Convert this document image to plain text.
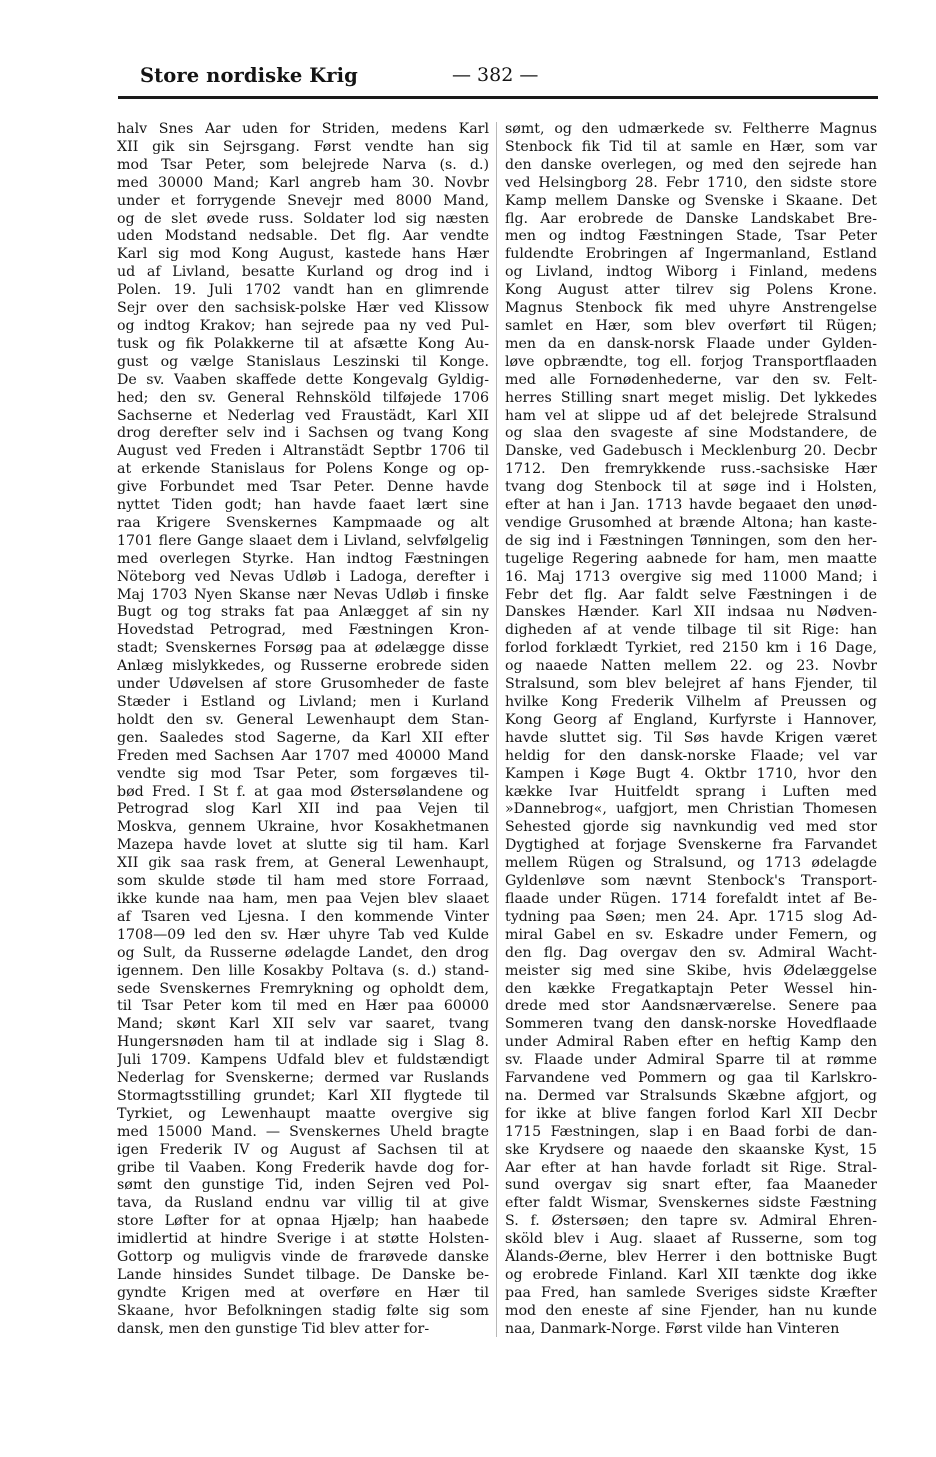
Store nordiske Krig	— 382 —
halv Snes Aar uden for Striden, medens Karl
XII gik sin Sejrsgang. Først vendte han sig
mod Tsar Peter, som belejrede Narva (s. d.)
med 30000 Mand; Karl angreb ham 30. Novbr
under et forrygende Snevejr med 8000 Mand,
og de slet øvede russ. Soldater lod sig næsten
uden Modstand nedsable. Det flg. Aar vendte
Karl sig mod Kong August, kastede hans Hær
ud af Livland, besatte Kurland og drog ind i
Polen. 19. Juli 1702 vandt han en glimrende
Sejr over den sachsisk-polske Hær ved Klissow
og indtog Krakov; han sejrede paa ny ved Pul-
tusk og fik Polakkerne til at afsætte Kong Au-
gust og vælge Stanislaus Leszinski til Konge.
De sv. Vaaben skaffede dette Kongevalg Gyldig-
hed; den sv. General Rehnsköld tilføjede 1706
Sachserne et Nederlag ved Fraustädt, Karl XII
drog derefter selv ind i Sachsen og tvang Kong
August ved Freden i Altranstädt Septbr 1706 til
at erkende Stanislaus for Polens Konge og op-
give Forbundet med Tsar Peter. Denne havde
nyttet Tiden godt; han havde faaet lært sine
raa Krigere Svenskernes Kampmaade og alt
1701 flere Gange slaaet dem i Livland, selvfølgelig
med overlegen Styrke. Han indtog Fæstningen
Nöteborg ved Nevas Udløb i Ladoga, derefter i
Maj 1703 Nyen Skanse nær Nevas Udløb i finske
Bugt og tog straks fat paa Anlægget af sin ny
Hovedstad Petrograd, med Fæstningen Kron-
stadt; Svenskernes Forsøg paa at ødelægge disse
Anlæg mislykkedes, og Russerne erobrede siden
under Udøvelsen af store Grusomheder de faste
Stæder i Estland og Livland; men i Kurland
holdt den sv. General Lewenhaupt dem Stan-
gen. Saaledes stod Sagerne, da Karl XII efter
Freden med Sachsen Aar 1707 med 40000 Mand
vendte sig mod Tsar Peter, som forgæves til-
bød Fred. I St f. at gaa mod Østersølandene og
Petrograd slog Karl XII ind paa Vejen til
Moskva, gennem Ukraine, hvor Kosakhetmanen
Mazepa havde lovet at slutte sig til ham. Karl
XII gik saa rask frem, at General Lewenhaupt,
som skulde støde til ham med store Forraad,
ikke kunde naa ham, men paa Vejen blev slaaet
af Tsaren ved Ljesna. I den kommende Vinter
1708—09 led den sv. Hær uhyre Tab ved Kulde
og Sult, da Russerne ødelagde Landet, den drog
igennem. Den lille Kosakby Poltava (s. d.) stand-
sede Svenskernes Fremrykning og opholdt dem,
til Tsar Peter kom til med en Hær paa 60000
Mand; skønt Karl XII selv var saaret, tvang
Hungersnøden ham til at indlade sig i Slag 8.
Juli 1709. Kampens Udfald blev et fuldstændigt
Nederlag for Svenskerne; dermed var Ruslands
Stormagtsstilling grundet; Karl XII flygtede til
Tyrkiet, og Lewenhaupt maatte overgive sig
med 15000 Mand. — Svenskernes Uheld bragte
igen Frederik IV og August af Sachsen til at
gribe til Vaaben. Kong Frederik havde dog for-
sømt den gunstige Tid, inden Sejren ved Pol-
tava, da Rusland endnu var villig til at give
store Løfter for at opnaa Hjælp; han haabede
imidlertid at hindre Sverige i at støtte Holsten-
Gottorp og muligvis vinde de frarøvede danske
Lande hinsides Sundet tilbage. De Danske be-
gyndte Krigen med at overføre en Hær til
Skaane, hvor Befolkningen stadig følte sig som
dansk, men den gunstige Tid blev atter for-
sømt, og den udmærkede sv. Feltherre Magnus
Stenbock fik Tid til at samle en Hær, som var
den danske overlegen, og med den sejrede han
ved Helsingborg 28. Febr 1710, den sidste store
Kamp mellem Danske og Svenske i Skaane. Det
flg. Aar erobrede de Danske Landskabet Bre-
men og indtog Fæstningen Stade, Tsar Peter
fuldendte Erobringen af Ingermanland, Estland
og Livland, indtog Wiborg i Finland, medens
Kong August atter tilrev sig Polens Krone.
Magnus Stenbock fik med uhyre Anstrengelse
samlet en Hær, som blev overført til Rügen;
men da en dansk-norsk Flaade under Gylden-
løve opbrændte, tog ell. forjog Transportflaaden
med alle Fornødenhederne, var den sv. Felt-
herres Stilling snart meget mislig. Det lykkedes
ham vel at slippe ud af det belejrede Stralsund
og slaa den svageste af sine Modstandere, de
Danske, ved Gadebusch i Mecklenburg 20. Decbr
1712. Den fremrykkende russ.-sachsiske Hær
tvang dog Stenbock til at søge ind i Holsten,
efter at han i Jan. 1713 havde begaaet den unød-
vendige Grusomhed at brænde Altona; han kaste-
de sig ind i Fæstningen Tønningen, som den her-
tugelige Regering aabnede for ham, men maatte
16. Maj 1713 overgive sig med 11000 Mand; i
Febr det flg. Aar faldt selve Fæstningen i de
Danskes Hænder. Karl XII indsaa nu Nødven-
digheden af at vende tilbage til sit Rige: han
forlod forklædt Tyrkiet, red 2150 km i 16 Dage,
og naaede Natten mellem 22. og 23. Novbr
Stralsund, som blev belejret af hans Fjender, til
hvilke Kong Frederik Vilhelm af Preussen og
Kong Georg af England, Kurfyrste i Hannover,
havde sluttet sig. Til Søs havde Krigen været
heldig for den dansk-norske Flaade; vel var
Kampen i Køge Bugt 4. Oktbr 1710, hvor den
kække Ivar Huitfeldt sprang i Luften med
»Dannebrog«, uafgjort, men Christian Thomesen
Sehested gjorde sig navnkundig ved med stor
Dygtighed at forjage Svenskerne fra Farvandet
mellem Rügen og Stralsund, og 1713 ødelagde
Gyldenløve som nævnt Stenbock's Transport-
flaade under Rügen. 1714 forefaldt intet af Be-
tydning paa Søen; men 24. Apr. 1715 slog Ad-
miral Gabel en sv. Eskadre under Femern, og
den flg. Dag overgav den sv. Admiral Wacht-
meister sig med sine Skibe, hvis Ødelæggelse
den kække Fregatkaptajn Peter Wessel hin-
drede med stor Aandsnærværelse. Senere paa
Sommeren tvang den dansk-norske Hovedflaade
under Admiral Raben efter en heftig Kamp den
sv. Flaade under Admiral Sparre til at rømme
Farvandene ved Pommern og gaa til Karlskro-
na. Dermed var Stralsunds Skæbne afgjort, og
for ikke at blive fangen forlod Karl XII Decbr
1715 Fæstningen, slap i en Baad forbi de dan-
ske Krydsere og naaede den skaanske Kyst, 15
Aar efter at han havde forladt sit Rige. Stral-
sund overgav sig snart efter, faa Maaneder
efter faldt Wismar, Svenskernes sidste Fæstning
S. f. Østersøen; den tapre sv. Admiral Ehren-
sköld blev i Aug. slaaet af Russerne, som tog
Ålands-Øerne, blev Herrer i den bottniske Bugt
og erobrede Finland. Karl XII tænkte dog ikke
paa Fred, han samlede Sveriges sidste Kræfter
mod den eneste af sine Fjender, han nu kunde
naa, Danmark-Norge. Først vilde han Vinteren
